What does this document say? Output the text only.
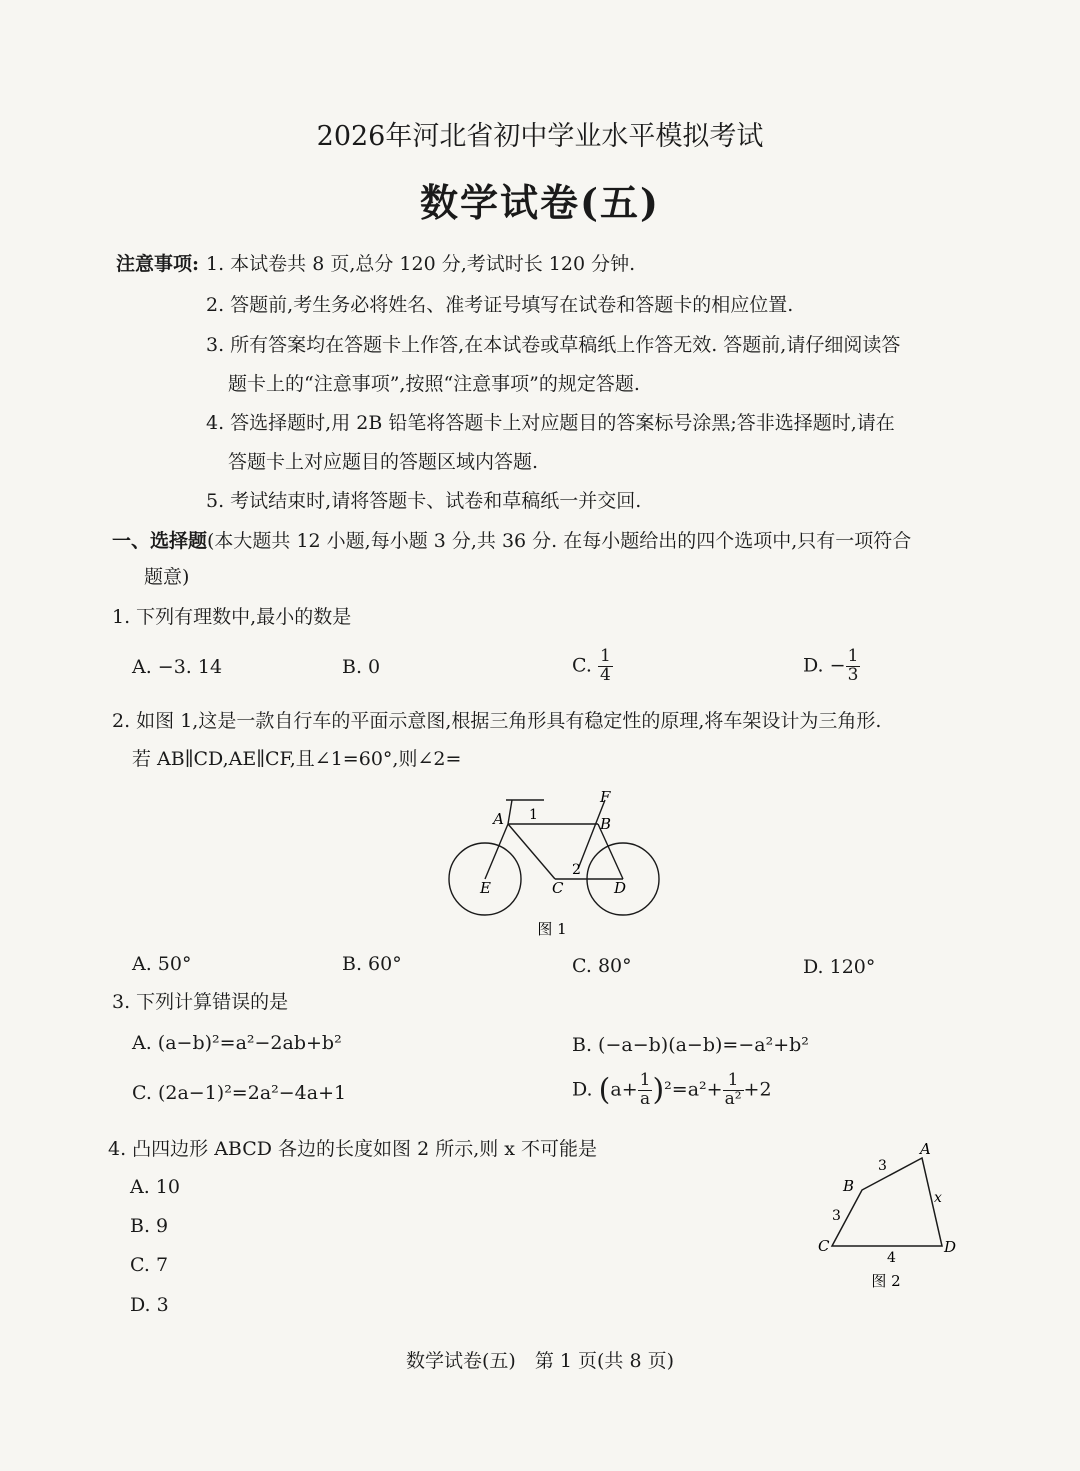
2026年河北省初中学业水平模拟考试
数学试卷(五)
注意事项: 1. 本试卷共 8 页,总分 120 分,考试时长 120 分钟.
2. 答题前,考生务必将姓名、准考证号填写在试卷和答题卡的相应位置.
3. 所有答案均在答题卡上作答,在本试卷或草稿纸上作答无效. 答题前,请仔细阅读答
题卡上的“注意事项”,按照“注意事项”的规定答题.
4. 答选择题时,用 2B 铅笔将答题卡上对应题目的答案标号涂黑;答非选择题时,请在
答题卡上对应题目的答题区域内答题.
5. 考试结束时,请将答题卡、试卷和草稿纸一并交回.
一、选择题(本大题共 12 小题,每小题 3 分,共 36 分. 在每小题给出的四个选项中,只有一项符合
题意)
1. 下列有理数中,最小的数是
A. −3. 14	B. 0	C. $\frac{1}{4}$	D. − $\frac{1}{3}$
2. 如图 1,这是一款自行车的平面示意图,根据三角形具有稳定性的原理,将车架设计为三角形.
若 AB∥CD,AE∥CF,且∠1=60°,则∠2=
A 1	B
F
2
C	D
E
图 1
A. 50°	B. 60°	C. 80°	D. 120°
3. 下列计算错误的是
A. (a−b)²=a²−2ab+b²	B. (−a−b)(a−b)=−a²+b²
C. (2a−1)²=2a²−4a+1	D. $(a+ \frac{1}{a} )^2=a^2+ \frac{1}{\text{a²}} +2$
4. 凸四边形 ABCD 各边的长度如图 2 所示,则 x 不可能是
A. 10
B. 9
C. 7
D. 3
A
B
C	D
3
3
4
x
图 2
数学试卷(五)　第 1 页(共 8 页)
